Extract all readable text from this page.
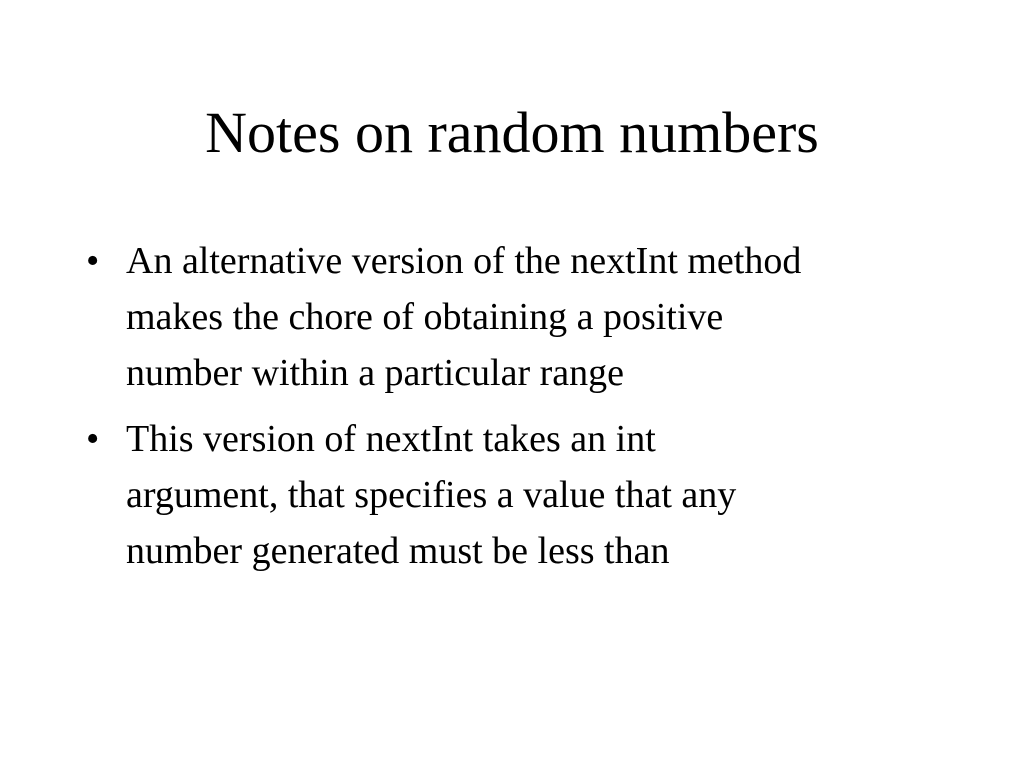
Notes on random numbers
• An alternative version of the nextInt method
makes the chore of obtaining a positive
number within a particular range
• This version of nextInt takes an int
argument, that specifies a value that any
number generated must be less than
